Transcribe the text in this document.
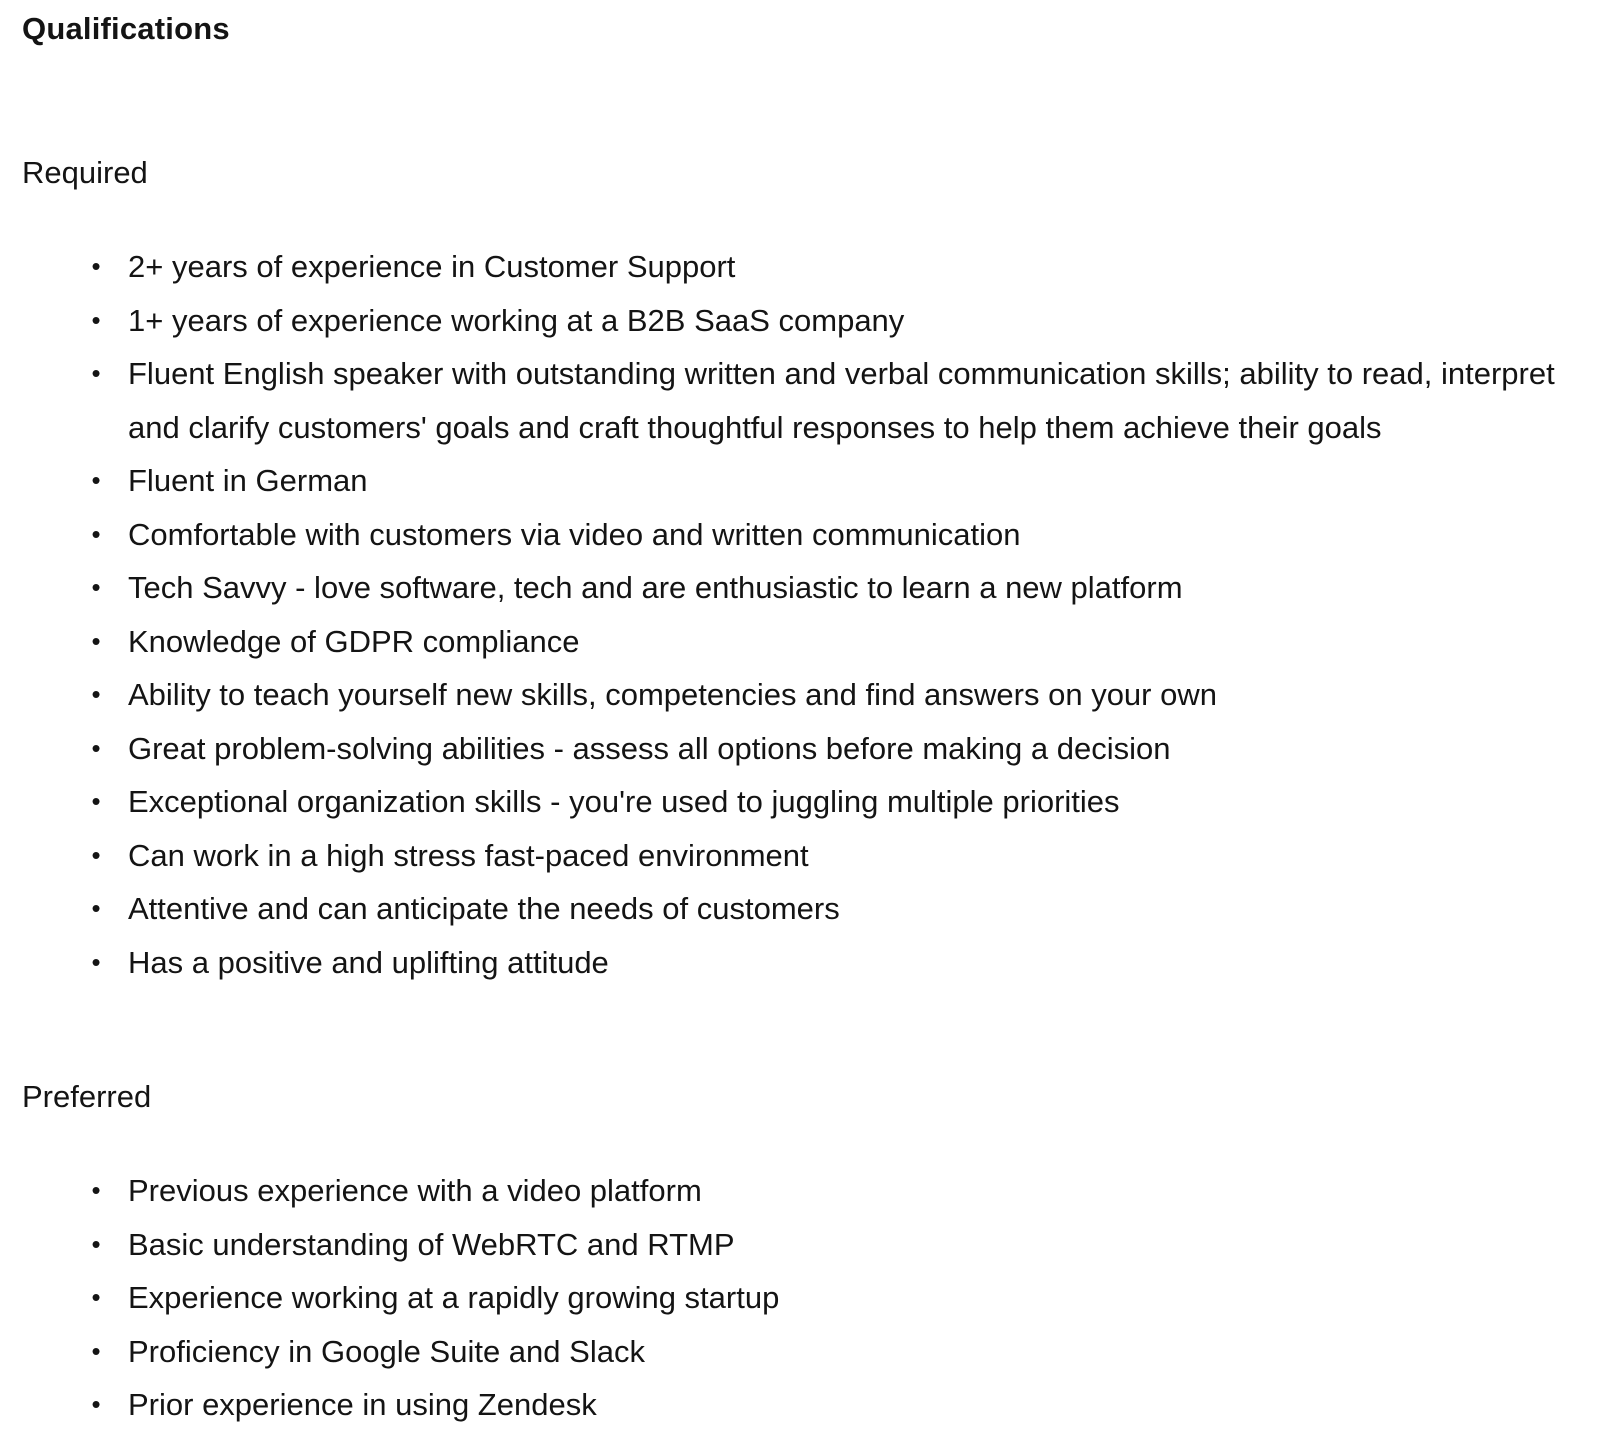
Qualifications
Required
• 2+ years of experience in Customer Support
• 1+ years of experience working at a B2B SaaS company
• Fluent English speaker with outstanding written and verbal communication skills; ability to read, interpret and clarify customers' goals and craft thoughtful responses to help them achieve their goals
• Fluent in German
• Comfortable with customers via video and written communication
• Tech Savvy - love software, tech and are enthusiastic to learn a new platform
• Knowledge of GDPR compliance
• Ability to teach yourself new skills, competencies and find answers on your own
• Great problem-solving abilities - assess all options before making a decision
• Exceptional organization skills - you're used to juggling multiple priorities
• Can work in a high stress fast-paced environment
• Attentive and can anticipate the needs of customers
• Has a positive and uplifting attitude
Preferred
• Previous experience with a video platform
• Basic understanding of WebRTC and RTMP
• Experience working at a rapidly growing startup
• Proficiency in Google Suite and Slack
• Prior experience in using Zendesk
